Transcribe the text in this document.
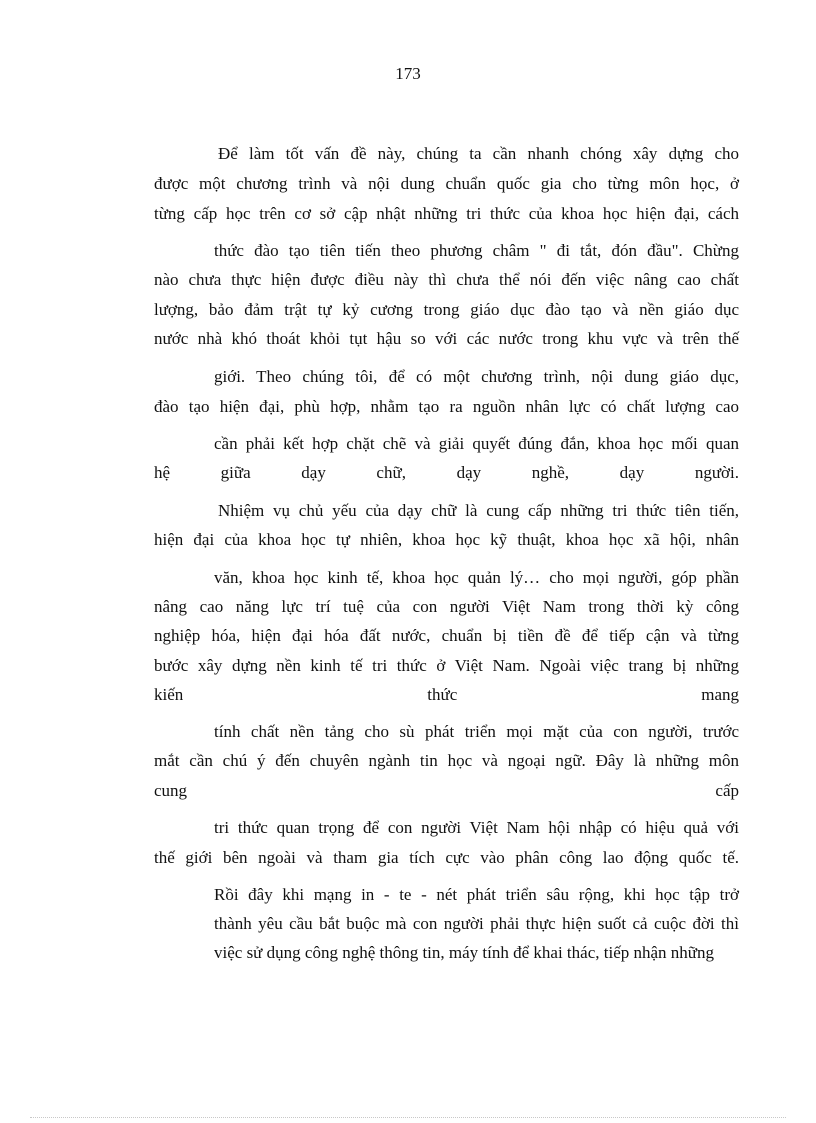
173

Để làm tốt vấn đề này, chúng ta cần nhanh chóng xây dựng cho

được một chương trình và nội dung chuẩn quốc gia cho từng môn học, ở

từng cấp học trên cơ sở cập nhật những tri thức của khoa học hiện đại, cách

thức đào tạo tiên tiến theo phương châm " đi tắt, đón đầu". Chừng

nào chưa thực hiện được điều này thì chưa thể nói đến việc nâng cao chất

lượng, bảo đảm trật tự kỷ cương trong giáo dục đào tạo và nền giáo dục

nước nhà khó thoát khỏi tụt hậu so với các nước trong khu vực và trên thế

giới. Theo chúng tôi, để có một chương trình, nội dung giáo dục,

đào tạo hiện đại, phù hợp, nhằm tạo ra nguồn nhân lực có chất lượng cao

cần phải kết hợp chặt chẽ và giải quyết đúng đắn, khoa học mối quan

hệ giữa dạy chữ, dạy nghề, dạy người.

Nhiệm vụ chủ yếu của dạy chữ là cung cấp những tri thức tiên tiến,

hiện đại của khoa học tự nhiên, khoa học kỹ thuật, khoa học xã hội, nhân

văn, khoa học kinh tế, khoa học quản lý… cho mọi người, góp phần

nâng cao năng lực trí tuệ của con người Việt Nam trong thời kỳ công

nghiệp hóa, hiện đại hóa đất nước, chuẩn bị tiền đề để tiếp cận và từng

bước xây dựng nền kinh tế tri thức ở Việt Nam. Ngoài việc trang bị những

kiến thức mang

tính chất nền tảng cho sù phát triển mọi mặt của con người, trước

mắt cần chú ý đến chuyên ngành tin học và ngoại ngữ. Đây là những môn

cung cấp

tri thức quan trọng để con người Việt Nam hội nhập có hiệu quả với

thế giới bên ngoài và tham gia tích cực vào phân công lao động quốc tế.

Rồi đây khi mạng in - te - nét phát triển sâu rộng, khi học tập trở

thành yêu cầu bắt buộc mà con người phải thực hiện suốt cả cuộc đời thì

việc sử dụng công nghệ thông tin, máy tính để khai thác, tiếp nhận những
